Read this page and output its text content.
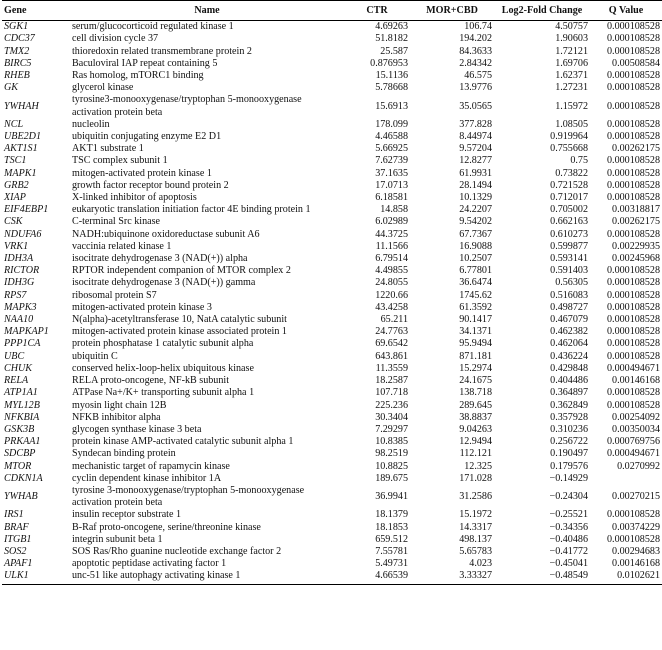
Gene	Name	CTR	MOR+CBD	Log2-Fold Change	Q Value
SGK1	serum/glucocorticoid regulated kinase 1	4.69263	106.74	4.50757	0.000108528
CDC37	cell division cycle 37	51.8182	194.202	1.90603	0.000108528
TMX2	thioredoxin related transmembrane protein 2	25.587	84.3633	1.72121	0.000108528
BIRC5	Baculoviral IAP repeat containing 5	0.876953	2.84342	1.69706	0.00508584
RHEB	Ras homolog, mTORC1 binding	15.1136	46.575	1.62371	0.000108528
GK	glycerol kinase	5.78668	13.9776	1.27231	0.000108528
YWHAH	tyrosine3-monooxygenase/tryptophan 5-monooxygenase activation protein beta	15.6913	35.0565	1.15972	0.000108528
NCL	nucleolin	178.099	377.828	1.08505	0.000108528
UBE2D1	ubiquitin conjugating enzyme E2 D1	4.46588	8.44974	0.919964	0.000108528
AKT1S1	AKT1 substrate 1	5.66925	9.57204	0.755668	0.00262175
TSC1	TSC complex subunit 1	7.62739	12.8277	0.75	0.000108528
MAPK1	mitogen-activated protein kinase 1	37.1635	61.9931	0.73822	0.000108528
GRB2	growth factor receptor bound protein 2	17.0713	28.1494	0.721528	0.000108528
XIAP	X-linked inhibitor of apoptosis	6.18581	10.1329	0.712017	0.000108528
EIF4EBP1	eukaryotic translation initiation factor 4E binding protein 1	14.858	24.2207	0.705002	0.00318817
CSK	C-terminal Src kinase	6.02989	9.54202	0.662163	0.00262175
NDUFA6	NADH:ubiquinone oxidoreductase subunit A6	44.3725	67.7367	0.610273	0.000108528
VRK1	vaccinia related kinase 1	11.1566	16.9088	0.599877	0.00229935
IDH3A	isocitrate dehydrogenase 3 (NAD(+)) alpha	6.79514	10.2507	0.593141	0.00245968
RICTOR	RPTOR independent companion of MTOR complex 2	4.49855	6.77801	0.591403	0.000108528
IDH3G	isocitrate dehydrogenase 3 (NAD(+)) gamma	24.8055	36.6474	0.56305	0.000108528
RPS7	ribosomal protein S7	1220.66	1745.62	0.516083	0.000108528
MAPK3	mitogen-activated protein kinase 3	43.4258	61.3592	0.498727	0.000108528
NAA10	N(alpha)-acetyltransferase 10, NatA catalytic subunit	65.211	90.1417	0.467079	0.000108528
MAPKAP1	mitogen-activated protein kinase associated protein 1	24.7763	34.1371	0.462382	0.000108528
PPP1CA	protein phosphatase 1 catalytic subunit alpha	69.6542	95.9494	0.462064	0.000108528
UBC	ubiquitin C	643.861	871.181	0.436224	0.000108528
CHUK	conserved helix-loop-helix ubiquitous kinase	11.3559	15.2974	0.429848	0.000494671
RELA	RELA proto-oncogene, NF-kB subunit	18.2587	24.1675	0.404486	0.00146168
ATP1A1	ATPase Na+/K+ transporting subunit alpha 1	107.718	138.718	0.364897	0.000108528
MYL12B	myosin light chain 12B	225.236	289.645	0.362849	0.000108528
NFKBIA	NFKB inhibitor alpha	30.3404	38.8837	0.357928	0.00254092
GSK3B	glycogen synthase kinase 3 beta	7.29297	9.04263	0.310236	0.00350034
PRKAA1	protein kinase AMP-activated catalytic subunit alpha 1	10.8385	12.9494	0.256722	0.000769756
SDCBP	Syndecan binding protein	98.2519	112.121	0.190497	0.000494671
MTOR	mechanistic target of rapamycin kinase	10.8825	12.325	0.179576	0.0270992
CDKN1A	cyclin dependent kinase inhibitor 1A	189.675	171.028	−0.14929	
YWHAB	tyrosine 3-monooxygenase/tryptophan 5-monooxygenase activation protein beta	36.9941	31.2586	−0.24304	0.00270215
IRS1	insulin receptor substrate 1	18.1379	15.1972	−0.25521	0.000108528
BRAF	B-Raf proto-oncogene, serine/threonine kinase	18.1853	14.3317	−0.34356	0.00374229
ITGB1	integrin subunit beta 1	659.512	498.137	−0.40486	0.000108528
SOS2	SOS Ras/Rho guanine nucleotide exchange factor 2	7.55781	5.65783	−0.41772	0.00294683
APAF1	apoptotic peptidase activating factor 1	5.49731	4.023	−0.45041	0.00146168
ULK1	unc-51 like autophagy activating kinase 1	4.66539	3.33327	−0.48549	0.0102621
